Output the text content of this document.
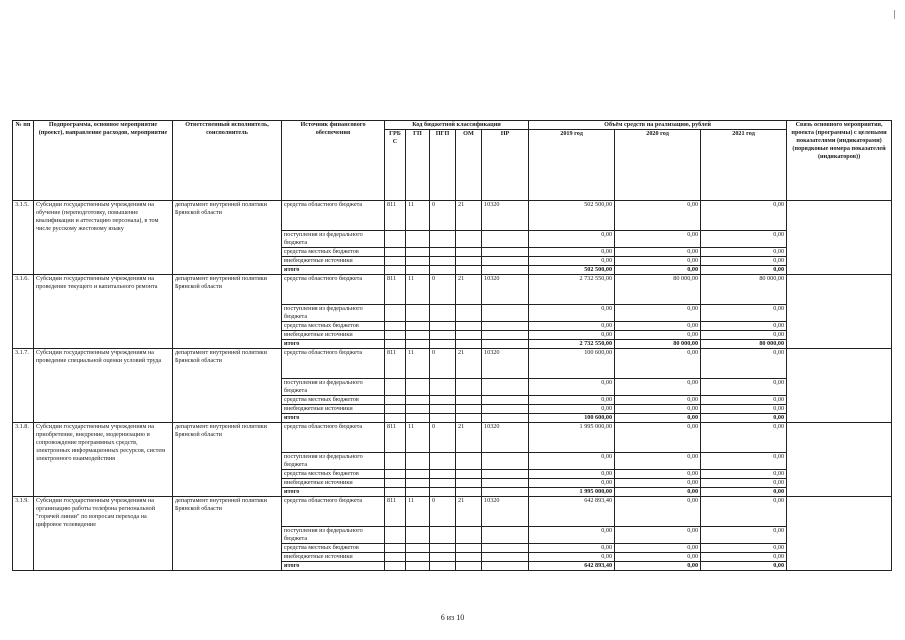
№ пп	Подпрограмма, основное мероприятие (проект), направление расходов, мероприятие	Ответственный исполнитель, соисполнитель	Источник финансового обеспечения	Код бюджетной классификации					Объём средств на реализацию, рублей			Связь основного мероприятия, проекта (программы) с целевыми показателями (индикаторами) (порядковые номера показателей (индикаторов))
				ГРБС	ГП	ПГП	ОМ	НР	2019 год	2020 год	2021 год	
3.1.5.	Субсидии государственным учреждениям на обучение (переподготовку, повышение квалификации и аттестацию персонала), в том числе русскому жестовому языку	департамент внутренней политики Брянской области	средства областного бюджета	811	11	0	21	10320	502 500,00	0,00	0,00	
			поступления из федерального бюджета						0,00	0,00	0,00	
			средства местных бюджетов						0,00	0,00	0,00	
			внебюджетные источники						0,00	0,00	0,00	
			итого						502 500,00	0,00	0,00	
3.1.6.	Субсидии государственным учреждениям на проведение текущего и капитального ремонта	департамент внутренней политики Брянской области	средства областного бюджета	811	11	0	21	10320	2 732 550,00	80 000,00	80 000,00	
			поступления из федерального бюджета						0,00	0,00	0,00	
			средства местных бюджетов						0,00	0,00	0,00	
			внебюджетные источники						0,00	0,00	0,00	
			итого						2 732 550,00	80 000,00	80 000,00	
3.1.7.	Субсидии государственным учреждениям на проведение специальной оценки условий труда	департамент внутренней политики Брянской области	средства областного бюджета	811	11	0	21	10320	100 600,00	0,00	0,00	
			поступления из федерального бюджета						0,00	0,00	0,00	
			средства местных бюджетов						0,00	0,00	0,00	
			внебюджетные источники						0,00	0,00	0,00	
			итого						100 600,00	0,00	0,00	
3.1.8.	Субсидии государственным учреждениям на приобретение, внедрение, модернизацию и сопровождение программных средств, электронных информационных ресурсов, систем электронного взаимодействия	департамент внутренней политики Брянской области	средства областного бюджета	811	11	0	21	10320	1 995 000,00	0,00	0,00	
			поступления из федерального бюджета						0,00	0,00	0,00	
			средства местных бюджетов						0,00	0,00	0,00	
			внебюджетные источники						0,00	0,00	0,00	
			итого						1 995 000,00	0,00	0,00	
3.1.9.	Субсидии государственным учреждениям на организацию работы телефона региональной "горячей линии" по вопросам перехода на цифровое телевидение	департамент внутренней политики Брянской области	средства областного бюджета	811	11	0	21	10320	642 893,40	0,00	0,00	
			поступления из федерального бюджета						0,00	0,00	0,00	
			средства местных бюджетов						0,00	0,00	0,00	
			внебюджетные источники						0,00	0,00	0,00	
			итого						642 893,40	0,00	0,00	
6 из 10
